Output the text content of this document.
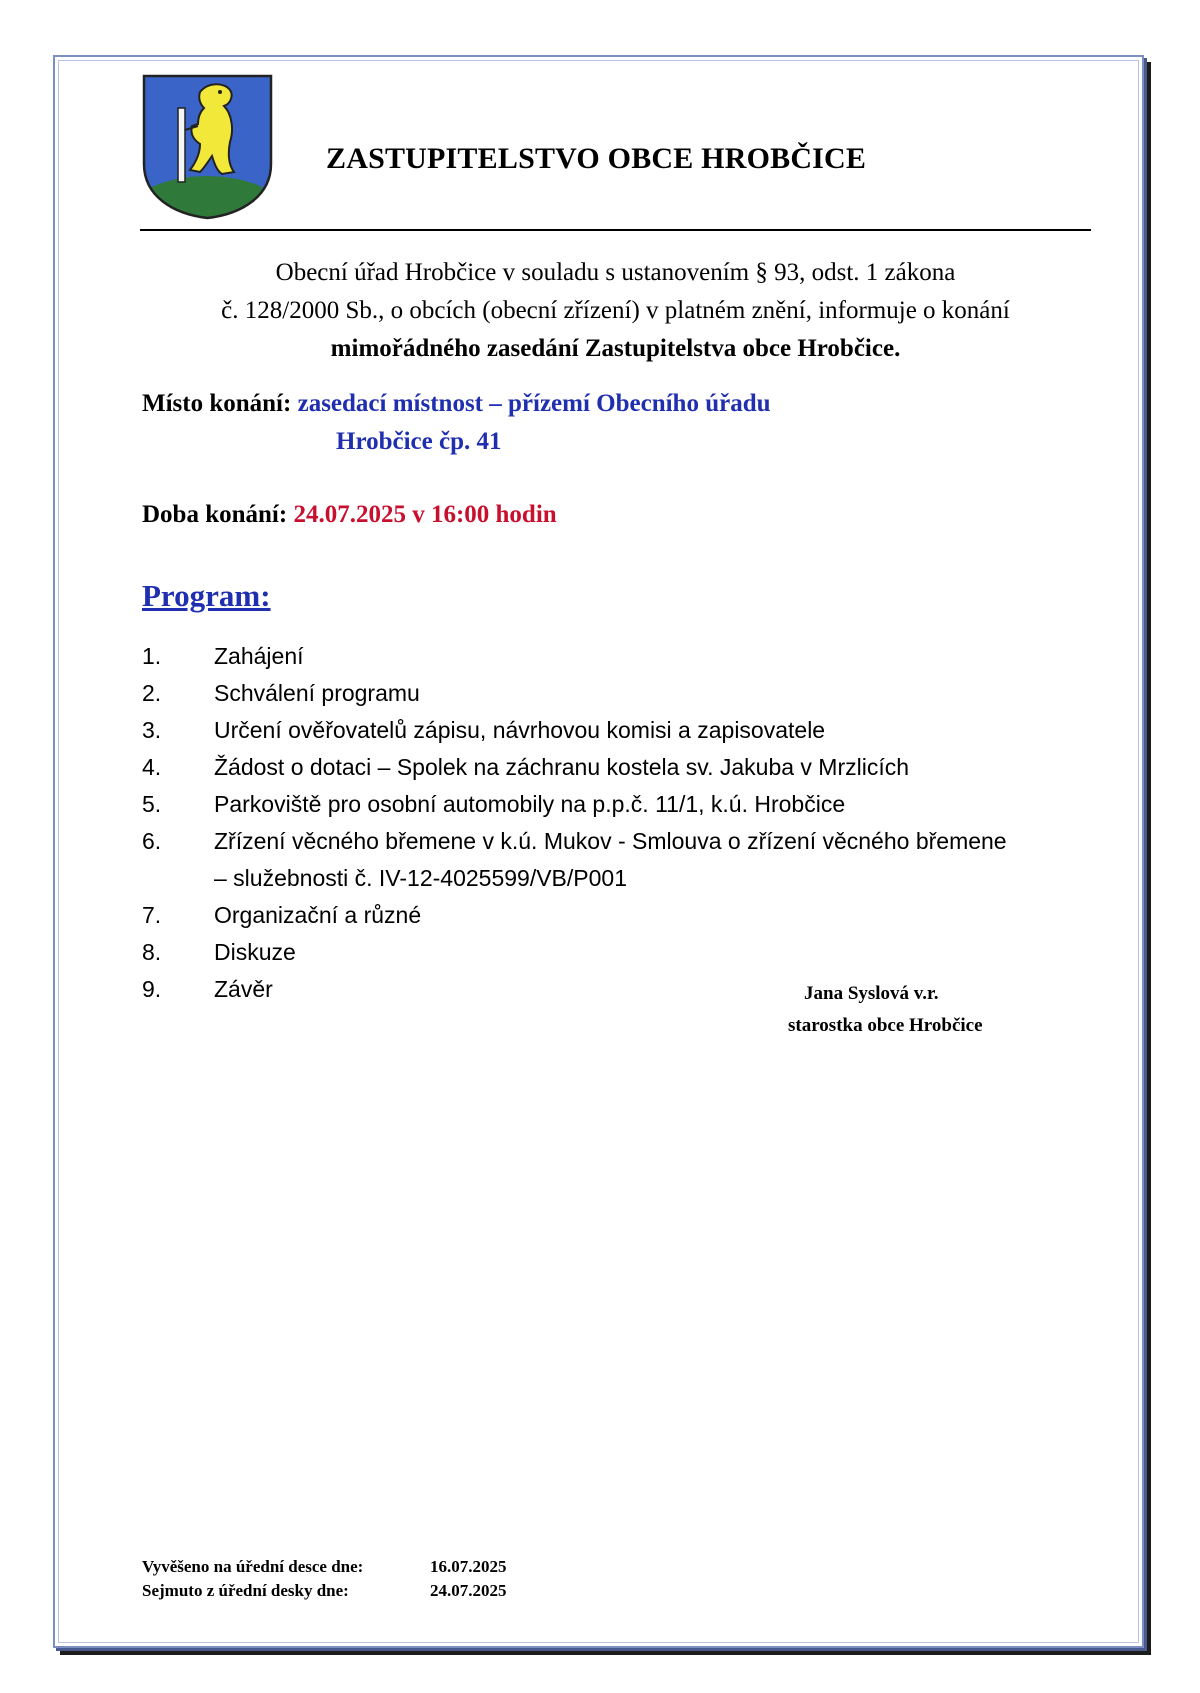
ZASTUPITELSTVO OBCE HROBČICE
Obecní úřad Hrobčice v souladu s ustanovením § 93, odst. 1 zákona
č. 128/2000 Sb., o obcích (obecní zřízení) v platném znění, informuje o konání
mimořádného zasedání Zastupitelstva obce Hrobčice.
Místo konání: zasedací místnost – přízemí Obecního úřadu
Hrobčice čp. 41
Doba konání: 24.07.2025 v 16:00 hodin
Program:
1. Zahájení
2. Schválení programu
3. Určení ověřovatelů zápisu, návrhovou komisi a zapisovatele
4. Žádost o dotaci – Spolek na záchranu kostela sv. Jakuba v Mrzlicích
5. Parkoviště pro osobní automobily na p.p.č. 11/1, k.ú. Hrobčice
6. Zřízení věcného břemene v k.ú. Mukov - Smlouva o zřízení věcného břemene
– služebnosti č. IV-12-4025599/VB/P001
7. Organizační a různé
8. Diskuze
9. Závěr	Jana Syslová v.r.
starostka obce Hrobčice
Vyvěšeno na úřední desce dne:	16.07.2025
Sejmuto z úřední desky dne:	24.07.2025
